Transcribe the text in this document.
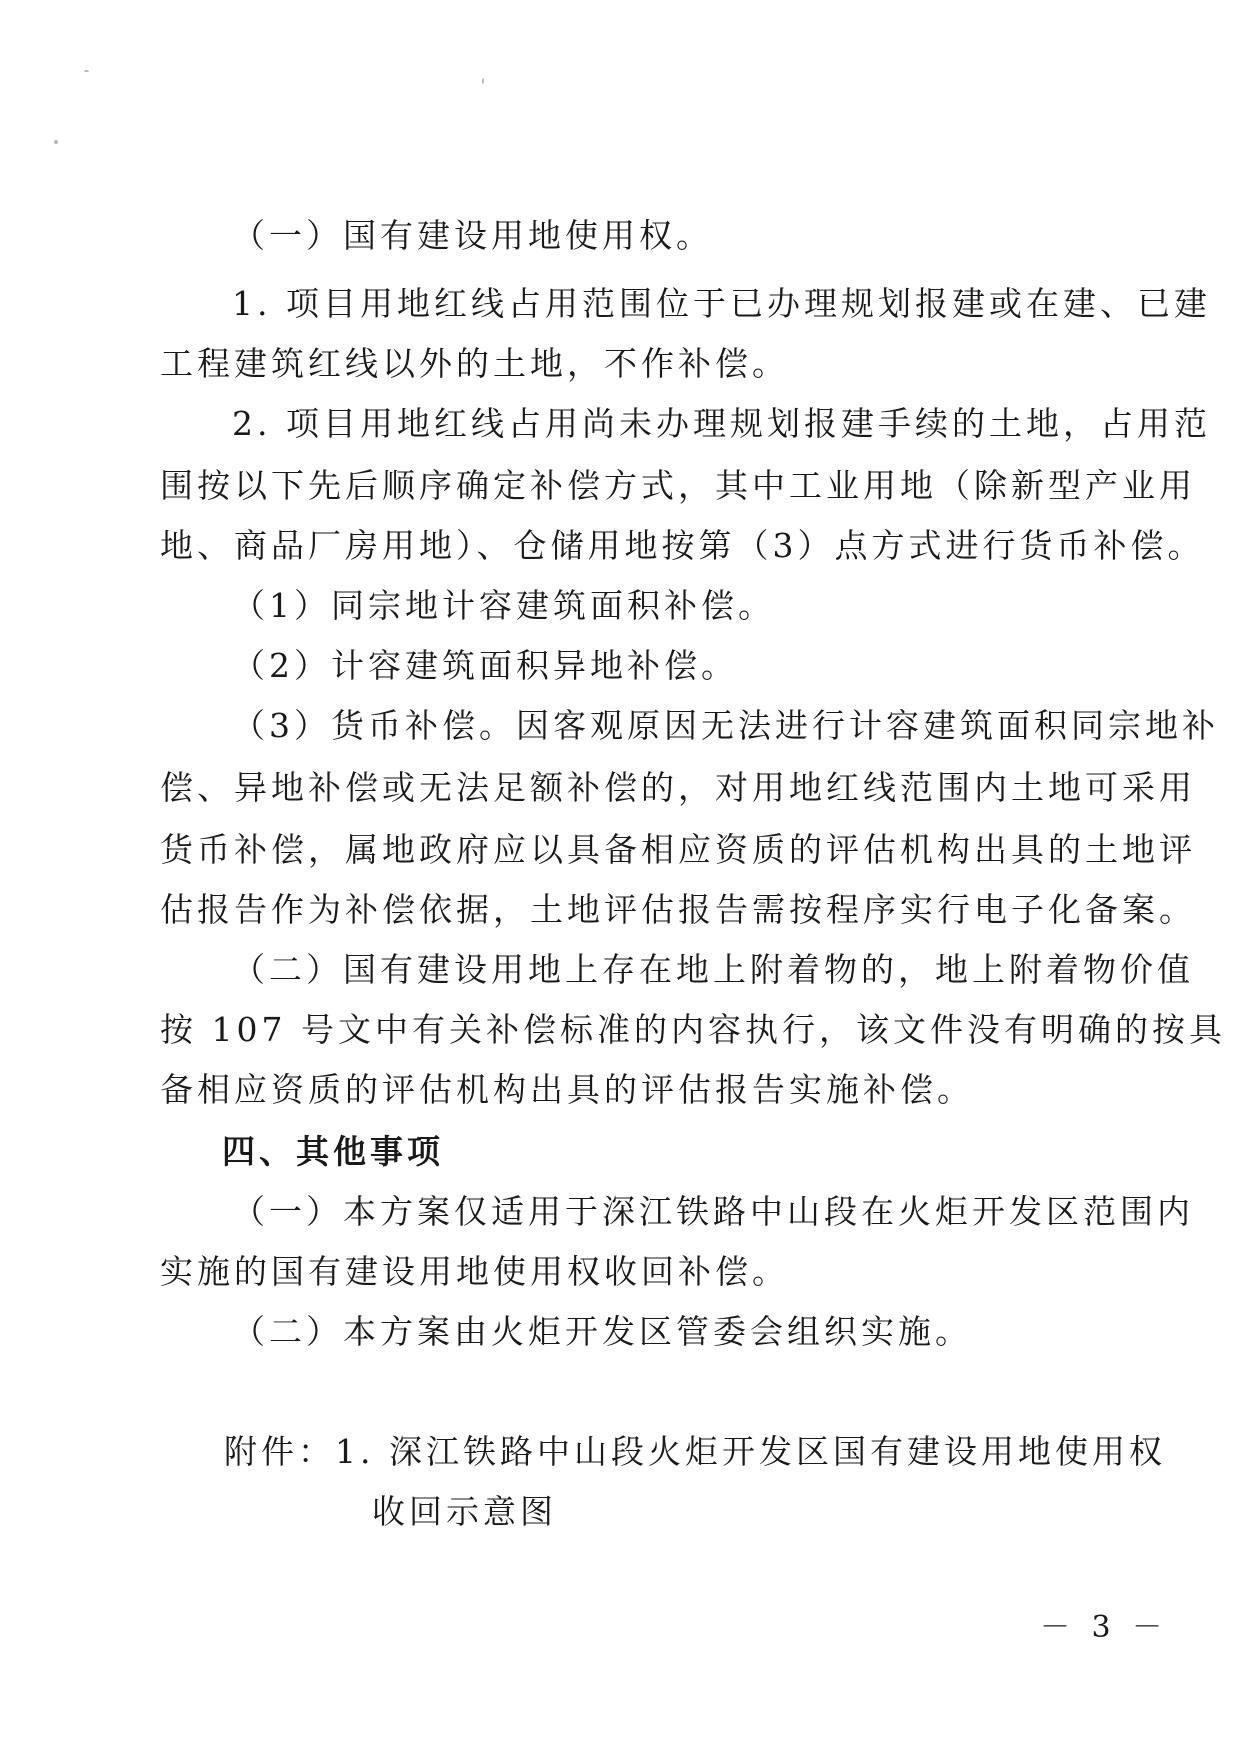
（一）国有建设用地使用权。
1. 项目用地红线占用范围位于已办理规划报建或在建、已建
工程建筑红线以外的土地，不作补偿。
2. 项目用地红线占用尚未办理规划报建手续的土地，占用范
围按以下先后顺序确定补偿方式，其中工业用地（除新型产业用
地、商品厂房用地）、仓储用地按第（3）点方式进行货币补偿。
（1）同宗地计容建筑面积补偿。
（2）计容建筑面积异地补偿。
（3）货币补偿。因客观原因无法进行计容建筑面积同宗地补
偿、异地补偿或无法足额补偿的，对用地红线范围内土地可采用
货币补偿，属地政府应以具备相应资质的评估机构出具的土地评
估报告作为补偿依据，土地评估报告需按程序实行电子化备案。
（二）国有建设用地上存在地上附着物的，地上附着物价值
按 107 号文中有关补偿标准的内容执行，该文件没有明确的按具
备相应资质的评估机构出具的评估报告实施补偿。
四、其他事项
（一）本方案仅适用于深江铁路中山段在火炬开发区范围内
实施的国有建设用地使用权收回补偿。
（二）本方案由火炬开发区管委会组织实施。
附件：1. 深江铁路中山段火炬开发区国有建设用地使用权
收回示意图
－ 3 －
